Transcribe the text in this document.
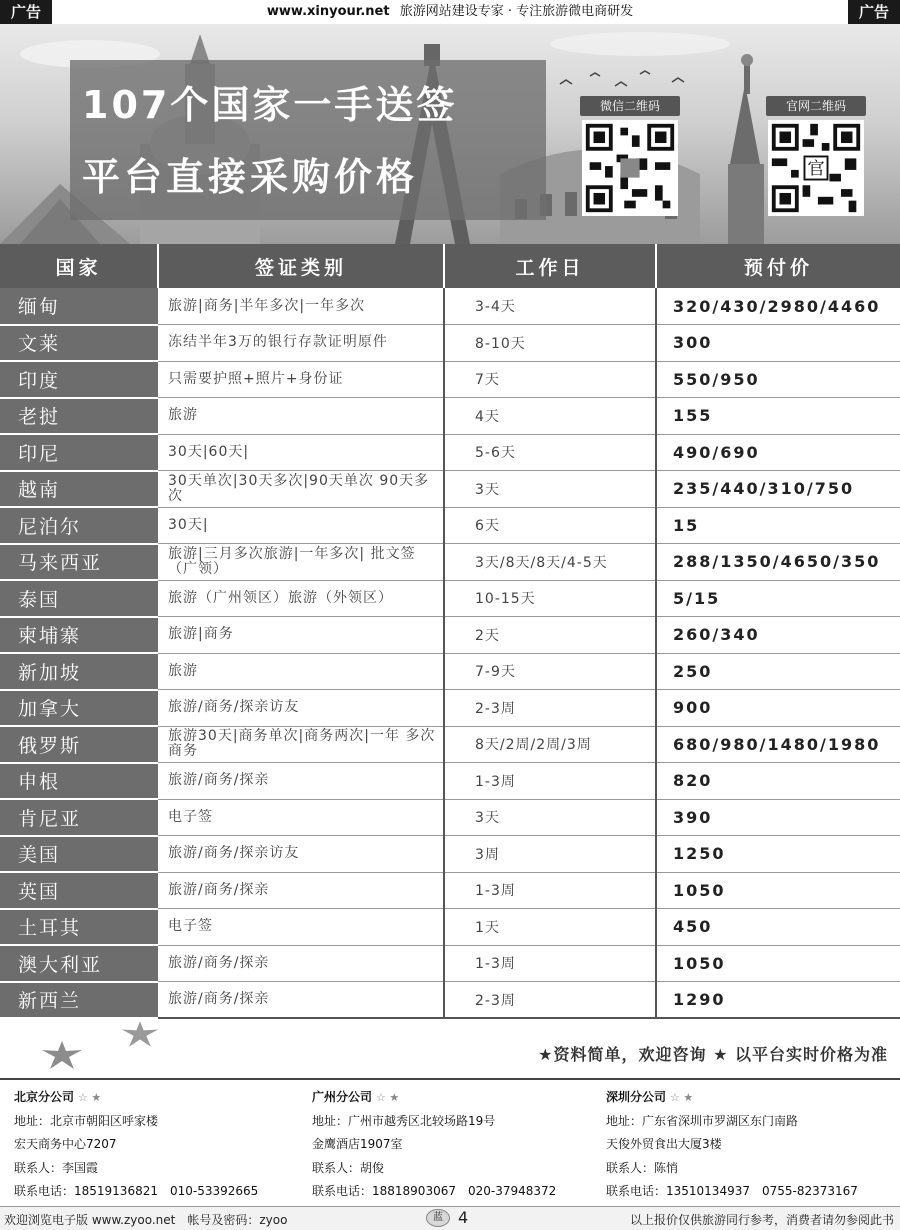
广告	www.xinyour.net 旅游网站建设专家 · 专注旅游微电商研发	广告
微信二维码	官网二维码
官
107个国家一手送签
平台直接采购价格
国家	签证类别	工作日	预付价
缅甸	旅游|商务|半年多次|一年多次	3-4天	320/430/2980/4460
文莱	冻结半年3万的银行存款证明原件	8-10天	300
印度	只需要护照+照片+身份证	7天	550/950
老挝	旅游	4天	155
印尼	30天|60天|	5-6天	490/690
越南	30天单次|30天多次|90天单次 90天多次	3天	235/440/310/750
尼泊尔	30天|	6天	15
马来西亚	旅游|三月多次旅游|一年多次| 批文签（广领）	3天/8天/8天/4-5天	288/1350/4650/350
泰国	旅游（广州领区）旅游（外领区）	10-15天	5/15
柬埔寨	旅游|商务	2天	260/340
新加坡	旅游	7-9天	250
加拿大	旅游/商务/探亲访友	2-3周	900
俄罗斯	旅游30天|商务单次|商务两次|一年 多次商务	8天/2周/2周/3周	680/980/1480/1980
申根	旅游/商务/探亲	1-3周	820
肯尼亚	电子签	3天	390
美国	旅游/商务/探亲访友	3周	1250
英国	旅游/商务/探亲	1-3周	1050
土耳其	电子签	1天	450
澳大利亚	旅游/商务/探亲	1-3周	1050
新西兰	旅游/商务/探亲	2-3周	1290
★资料简单，欢迎咨询 ★ 以平台实时价格为准
北京分公司 ☆ ★
地址：北京市朝阳区呼家楼
宏天商务中心7207
联系人：李国霞
联系电话：18519136821　010-53392665
广州分公司 ☆ ★
地址：广州市越秀区北较场路19号
金鹰酒店1907室
联系人：胡俊
联系电话：18818903067　020-37948372
深圳分公司 ☆ ★
地址：广东省深圳市罗湖区东门南路
天俊外贸食出大厦3楼
联系人：陈悄
联系电话：13510134937　0755-82373167
欢迎浏览电子版 www.zyoo.net　帐号及密码：zyoo	蓝 4	以上报价仅供旅游同行参考，消费者请勿参阅此书
